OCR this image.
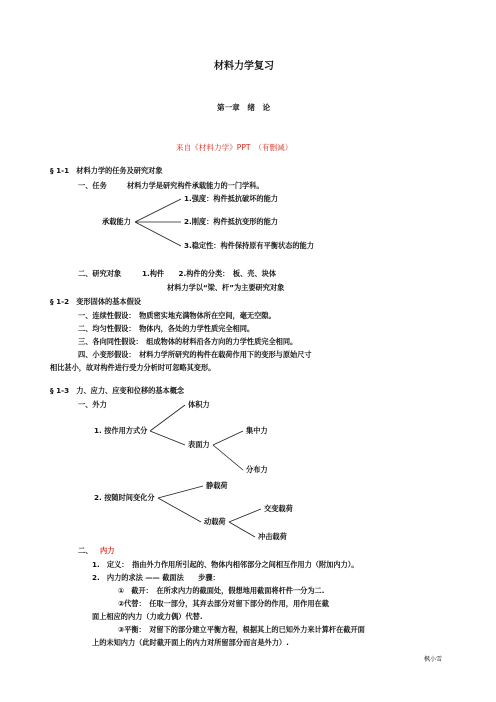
材料力学复习
第一章　绪　论
来自《材料力学》PPT　（有删减）
§ 1-1　材料力学的任务及研究对象
一、任务	材料力学是研究构件承载能力的一门学科。
1.强度：构件抵抗破坏的能力
承载能力	2.刚度：构件抵抗变形的能力
3.稳定性：构件保持原有平衡状态的能力
二、研究对象	1.构件　　2.构件的分类：　板、壳、块体
材料力学以“梁、杆”为主要研究对象
§ 1-2　变形固体的基本假设
一、连续性假设：　物质密实地充满物体所在空间，毫无空隙。
二、均匀性假设：　物体内，各处的力学性质完全相同。
三、各向同性假设：　组成物体的材料沿各方向的力学性质完全相同。
四、小变形假设：　材料力学所研究的构件在载荷作用下的变形与原始尺寸
相比甚小，故对构件进行受力分析时可忽略其变形。
§ 1-3　力、应力、应变和位移的基本概念
一、外力	体积力
1. 按作用方式分	集中力
表面力
分布力
静载荷
2. 按随时间变化分
交变载荷
动载荷
冲击载荷
二、 内力
1.　定义：　指由外力作用所引起的、物体内相邻部分之间相互作用力（附加内力）。
2.　内力的求法 —— 截面法　　步骤：
①　截开：　在所求内力的截面处，假想地用截面将杆件一分为二.
②代替：　任取一部分，其弃去部分对留下部分的作用，用作用在截
面上相应的内力（力或力偶）代替.
③平衡：　对留下的部分建立平衡方程，根据其上的已知外力来计算杆在截开面
上的未知内力（此时截开面上的内力对所留部分而言是外力）.
枫小雪
